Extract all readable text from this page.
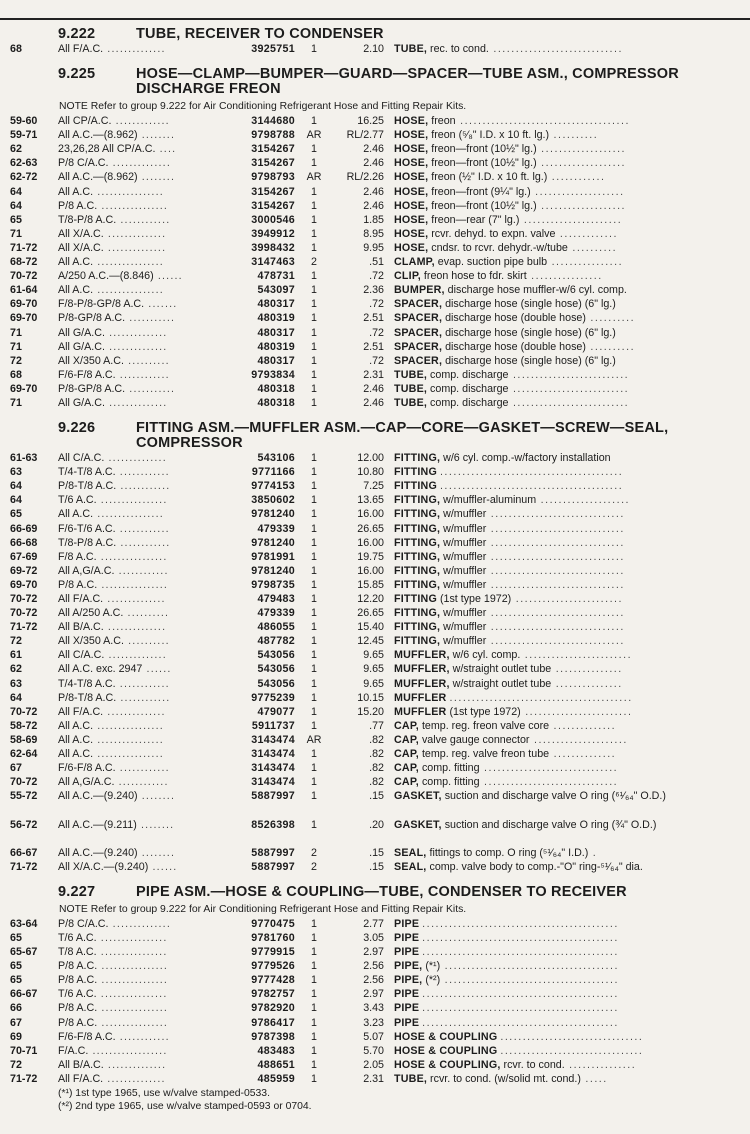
9.222	TUBE, RECEIVER TO CONDENSER
68	All F/A.C. ..............	3925751	1	2.10 TUBE, rec. to cond. .............................
9.225	HOSE—CLAMP—BUMPER—GUARD—SPACER—TUBE ASM., COMPRESSOR DISCHARGE FREON
NOTE Refer to group 9.222 for Air Conditioning Refrigerant Hose and Fitting Repair Kits.
59-60	All CP/A.C. .............	3144680	1	16.25 HOSE, freon ......................................
59-71	All A.C.—(8.962) ........	9798788	AR	RL/2.77 HOSE, freon (⁵⁄₈" I.D. x 10 ft. lg.) ..........
62	23,26,28 All CP/A.C. ....	3154267	1	2.46 HOSE, freon—front (10½" lg.) ...................
62-63	P/8 C/A.C. ..............	3154267	1	2.46 HOSE, freon—front (10½" lg.) ...................
62-72	All A.C.—(8.962) ........	9798793	AR	RL/2.26 HOSE, freon (½" I.D. x 10 ft. lg.) ............
64	All A.C. ................	3154267	1	2.46 HOSE, freon—front (9¼" lg.) ....................
64	P/8 A.C. ................	3154267	1	2.46 HOSE, freon—front (10½" lg.) ...................
65	T/8-P/8 A.C. ............	3000546	1	1.85 HOSE, freon—rear (7" lg.) ......................
71	All X/A.C. ..............	3949912	1	8.95 HOSE, rcvr. dehyd. to expn. valve .............
71-72	All X/A.C. ..............	3998432	1	9.95 HOSE, cndsr. to rcvr. dehydr.-w/tube ..........
68-72	All A.C. ................	3147463	2	.51 CLAMP, evap. suction pipe bulb ................
70-72	A/250 A.C.—(8.846) ......	478731	1	.72 CLIP, freon hose to fdr. skirt ................
61-64	All A.C. ................	543097	1	2.36 BUMPER, discharge hose muffler-w/6 cyl. comp.
69-70	F/8-P/8-GP/8 A.C. .......	480317	1	.72 SPACER, discharge hose (single hose) (6" lg.)
69-70	P/8-GP/8 A.C. ...........	480319	1	2.51 SPACER, discharge hose (double hose) ..........
71	All G/A.C. ..............	480317	1	.72 SPACER, discharge hose (single hose) (6" lg.)
71	All G/A.C. ..............	480319	1	2.51 SPACER, discharge hose (double hose) ..........
72	All X/350 A.C. ..........	480317	1	.72 SPACER, discharge hose (single hose) (6" lg.)
68	F/6-F/8 A.C. ............	9793834	1	2.31 TUBE, comp. discharge ..........................
69-70	P/8-GP/8 A.C. ...........	480318	1	2.46 TUBE, comp. discharge ..........................
71	All G/A.C. ..............	480318	1	2.46 TUBE, comp. discharge ..........................
9.226	FITTING ASM.—MUFFLER ASM.—CAP—CORE—GASKET—SCREW—SEAL, COMPRESSOR
61-63	All C/A.C. ..............	543106	1	12.00 FITTING, w/6 cyl. comp.-w/factory installation
63	T/4-T/8 A.C. ............	9771166	1	10.80 FITTING .........................................
64	P/8-T/8 A.C. ............	9774153	1	7.25 FITTING .........................................
64	T/6 A.C. ................	3850602	1	13.65 FITTING, w/muffler-aluminum ....................
65	All A.C. ................	9781240	1	16.00 FITTING, w/muffler ..............................
66-69	F/6-T/6 A.C. ............	479339	1	26.65 FITTING, w/muffler ..............................
66-68	T/8-P/8 A.C. ............	9781240	1	16.00 FITTING, w/muffler ..............................
67-69	F/8 A.C. ................	9781991	1	19.75 FITTING, w/muffler ..............................
69-72	All A,G/A.C. ............	9781240	1	16.00 FITTING, w/muffler ..............................
69-70	P/8 A.C. ................	9798735	1	15.85 FITTING, w/muffler ..............................
70-72	All F/A.C. ..............	479483	1	12.20 FITTING (1st type 1972) ........................
70-72	All A/250 A.C. ..........	479339	1	26.65 FITTING, w/muffler ..............................
71-72	All B/A.C. ..............	486055	1	15.40 FITTING, w/muffler ..............................
72	All X/350 A.C. ..........	487782	1	12.45 FITTING, w/muffler ..............................
61	All C/A.C. ..............	543056	1	9.65 MUFFLER, w/6 cyl. comp. ........................
62	All A.C. exc. 2947 ......	543056	1	9.65 MUFFLER, w/straight outlet tube ...............
63	T/4-T/8 A.C. ............	543056	1	9.65 MUFFLER, w/straight outlet tube ...............
64	P/8-T/8 A.C. ............	9775239	1	10.15 MUFFLER .........................................
70-72	All F/A.C. ..............	479077	1	15.20 MUFFLER (1st type 1972) ........................
58-72	All A.C. ................	5911737	1	.77 CAP, temp. reg. freon valve core ..............
58-69	All A.C. ................	3143474	AR	.82 CAP, valve gauge connector .....................
62-64	All A.C. ................	3143474	1	.82 CAP, temp. reg. valve freon tube ..............
67	F/6-F/8 A.C. ............	3143474	1	.82 CAP, comp. fitting ..............................
70-72	All A,G/A.C. ............	3143474	1	.82 CAP, comp. fitting ..............................
55-72	All A.C.—(9.240) ........	5887997	1	.15 GASKET, suction and discharge valve O ring (⁶¹⁄₆₄" O.D.)
56-72	All A.C.—(9.211) ........	8526398	1	.20 GASKET, suction and discharge valve O ring (¾" O.D.)
66-67	All A.C.—(9.240) ........	5887997	2	.15 SEAL, fittings to comp. O ring (⁵¹⁄₆₄" I.D.) .
71-72	All X/A.C.—(9.240) ......	5887997	2	.15 SEAL, comp. valve body to comp.-"O" ring-⁵¹⁄₆₄" dia.
9.227	PIPE ASM.—HOSE & COUPLING—TUBE, CONDENSER TO RECEIVER
NOTE Refer to group 9.222 for Air Conditioning Refrigerant Hose and Fitting Repair Kits.
63-64	P/8 C/A.C. ..............	9770475	1	2.77 PIPE ............................................
65	T/6 A.C. ................	9781760	1	3.05 PIPE ............................................
65-67	T/8 A.C. ................	9779915	1	2.97 PIPE ............................................
65	P/8 A.C. ................	9779526	1	2.56 PIPE, (*¹) .......................................
65	P/8 A.C. ................	9777428	1	2.56 PIPE, (*²) .......................................
66-67	T/6 A.C. ................	9782757	1	2.97 PIPE ............................................
66	P/8 A.C. ................	9782920	1	3.43 PIPE ............................................
67	P/8 A.C. ................	9786417	1	3.23 PIPE ............................................
69	F/6-F/8 A.C. ............	9787398	1	5.07 HOSE & COUPLING ................................
70-71	F/A.C. ..................	483483	1	5.70 HOSE & COUPLING ................................
72	All B/A.C. ..............	488651	1	2.05 HOSE & COUPLING, rcvr. to cond. ...............
71-72	All F/A.C. ..............	485959	1	2.31 TUBE, rcvr. to cond. (w/solid mt. cond.) .....
(*¹) 1st type 1965, use w/valve stamped-0533.
(*²) 2nd type 1965, use w/valve stamped-0593 or 0704.
